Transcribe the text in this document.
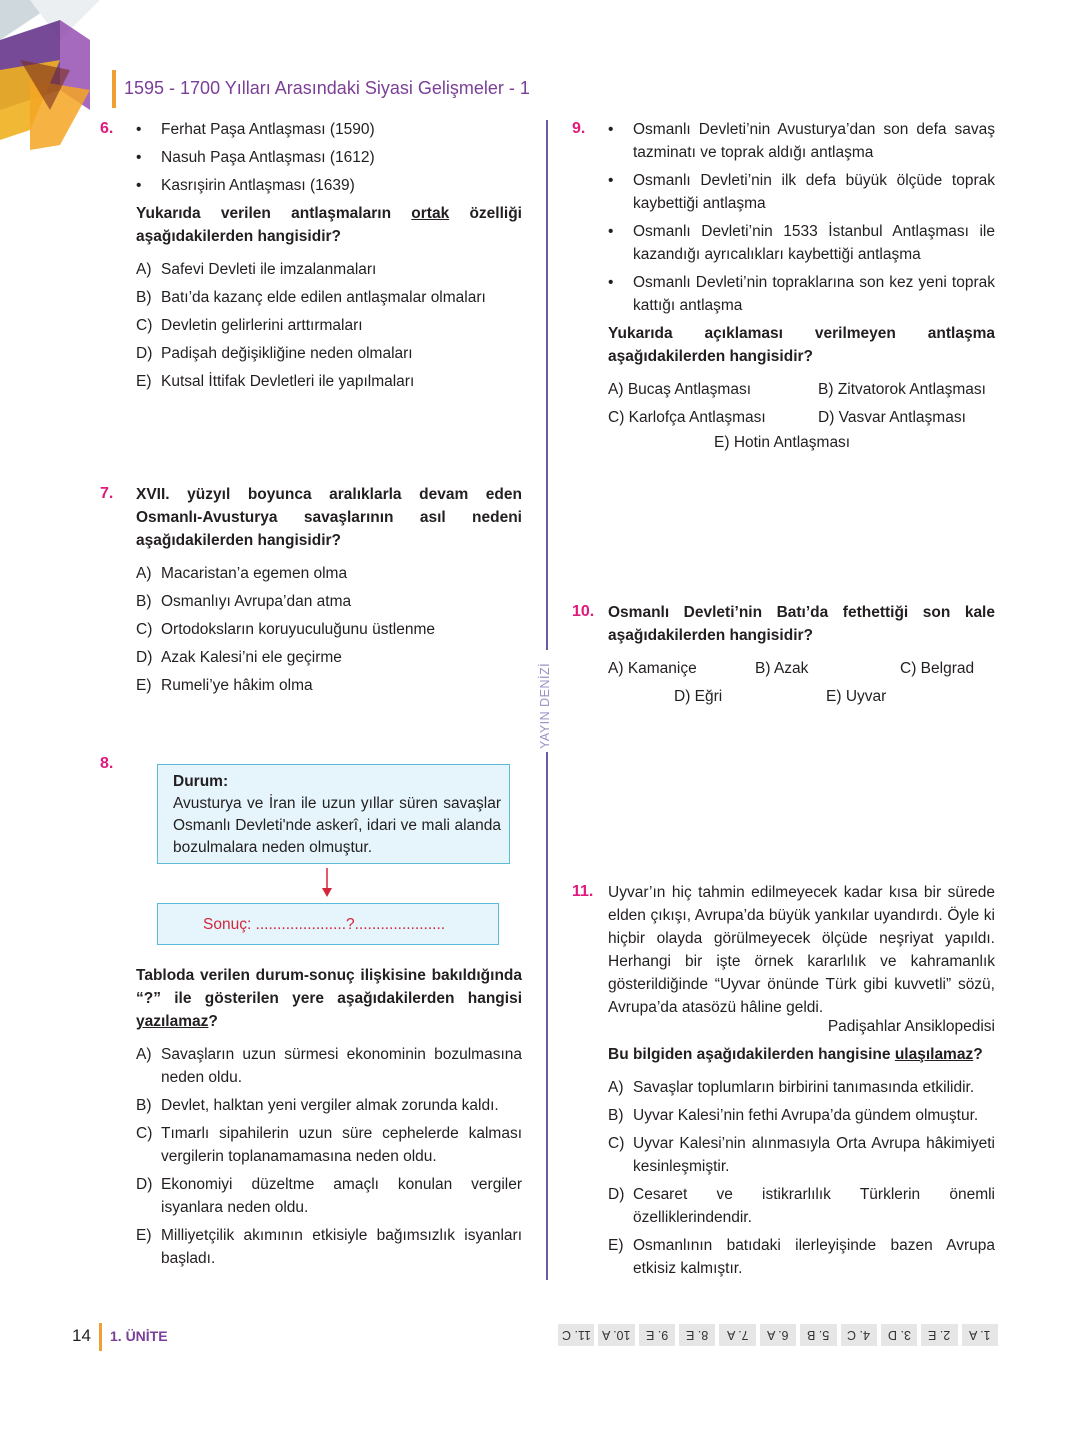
1595 - 1700 Yılları Arasındaki Siyasi Gelişmeler - 1
YAYIN DENİZİ
6. •	Ferhat Paşa Antlaşması (1590)
•	Nasuh Paşa Antlaşması (1612)
•	Kasrışirin Antlaşması (1639)
Yukarıda verilen antlaşmaların ortak özelliği aşağıdakilerden hangisidir?
A) Safevi Devleti ile imzalanmaları
B) Batı’da kazanç elde edilen antlaşmalar olmaları
C) Devletin gelirlerini arttırmaları
D) Padişah değişikliğine neden olmaları
E) Kutsal İttifak Devletleri ile yapılmaları
7. XVII. yüzyıl boyunca aralıklarla devam eden Osmanlı-Avusturya savaşlarının asıl nedeni aşağıdakilerden hangisidir?
A) Macaristan’a egemen olma
B) Osmanlıyı Avrupa’dan atma
C) Ortodoksların koruyuculuğunu üstlenme
D) Azak Kalesi’ni ele geçirme
E) Rumeli’ye hâkim olma
8.
Durum:
Avusturya ve İran ile uzun yıllar süren savaşlar Osmanlı Devleti'nde askerî, idari ve mali alanda bozulmalara neden olmuştur.
Sonuç: .....................?.....................
Tabloda verilen durum-sonuç ilişkisine bakıldığında “?” ile gösterilen yere aşağıdakilerden hangisi yazılamaz?
A) Savaşların uzun sürmesi ekonominin bozulmasına neden oldu.
B) Devlet, halktan yeni vergiler almak zorunda kaldı.
C) Tımarlı sipahilerin uzun süre cephelerde kalması vergilerin toplanamamasına neden oldu.
D) Ekonomiyi düzeltme amaçlı konulan vergiler isyanlara neden oldu.
E) Milliyetçilik akımının etkisiyle bağımsızlık isyanları başladı.
9. •	Osmanlı Devleti’nin Avusturya’dan son defa savaş tazminatı ve toprak aldığı antlaşma
•	Osmanlı Devleti’nin ilk defa büyük ölçüde toprak kaybettiği antlaşma
•	Osmanlı Devleti’nin 1533 İstanbul Antlaşması ile kazandığı ayrıcalıkları kaybettiği antlaşma
•	Osmanlı Devleti’nin topraklarına son kez yeni toprak kattığı antlaşma
Yukarıda açıklaması verilmeyen antlaşma aşağıdakilerden hangisidir?
A) Bucaş Antlaşması	B) Zitvatorok Antlaşması
C) Karlofça Antlaşması	D) Vasvar Antlaşması
E) Hotin Antlaşması
10. Osmanlı Devleti’nin Batı’da fethettiği son kale aşağıdakilerden hangisidir?
A) Kamaniçe	B) Azak	C) Belgrad
D) Eğri	E) Uyvar
11. Uyvar’ın hiç tahmin edilmeyecek kadar kısa bir sürede elden çıkışı, Avrupa’da büyük yankılar uyandırdı. Öyle ki hiçbir olayda görülmeyecek ölçüde neşriyat yapıldı. Herhangi bir işte örnek kararlılık ve kahramanlık gösterildiğinde “Uyvar önünde Türk gibi kuvvetli” sözü, Avrupa’da atasözü hâline geldi.
Padişahlar Ansiklopedisi
Bu bilgiden aşağıdakilerden hangisine ulaşılamaz?
A) Savaşlar toplumların birbirini tanımasında etkilidir.
B) Uyvar Kalesi’nin fethi Avrupa’da gündem olmuştur.
C) Uyvar Kalesi’nin alınmasıyla Orta Avrupa hâkimiyeti kesinleşmiştir.
D) Cesaret ve istikrarlılık Türklerin önemli özelliklerindendir.
E) Osmanlının batıdaki ilerleyişinde bazen Avrupa etkisiz kalmıştır.
14 1. ÜNİTE	1. A
2. E
3. D
4. C
5. B
6. A
7. A
8. E
9. E
10. A
11. C
